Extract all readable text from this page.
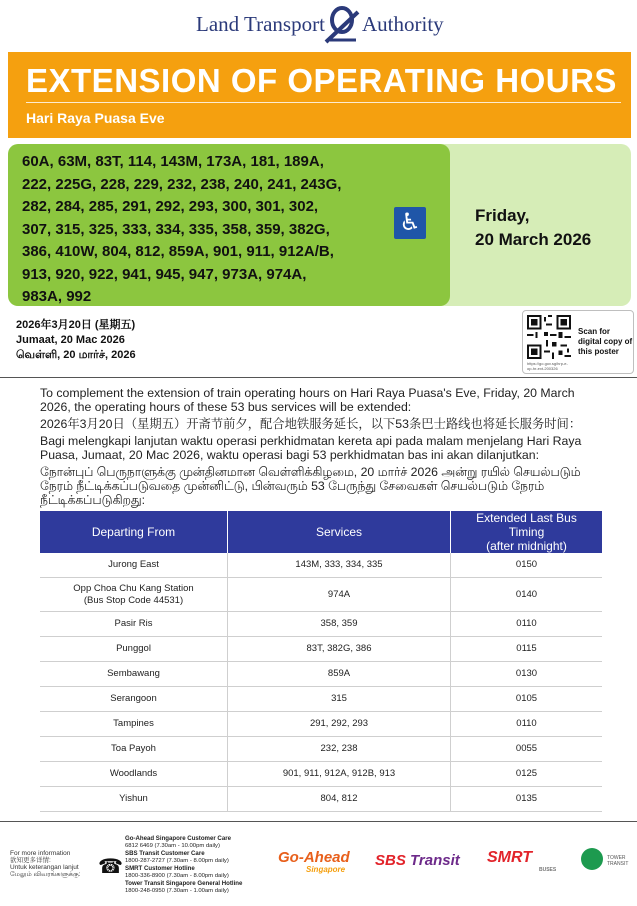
Land Transport Authority
EXTENSION OF OPERATING HOURS
Hari Raya Puasa Eve
60A, 63M, 83T, 114, 143M, 173A, 181, 189A,
222, 225G, 228, 229, 232, 238, 240, 241, 243G,
282, 284, 285, 291, 292, 293, 300, 301, 302,
307, 315, 325, 333, 334, 335, 358, 359, 382G,
386, 410W, 804, 812, 859A, 901, 911, 912A/B,
913, 920, 922, 941, 945, 947, 973A, 974A,
983A, 992
♿	Friday,
20 March 2026
2026年3月20日 (星期五)
Jumaat, 20 Mac 2026
வெள்ளி, 20 மார்ச், 2026
https://go.gov.sg/hrp-e-op-hr-ext-200326
Scan for
digital copy of
this poster

To complement the extension of train operating hours on Hari Raya Puasa's Eve, Friday, 20 March 2026, the operating hours of these 53 bus services will be extended:

2026年3月20日（星期五）开斋节前夕，配合地铁服务延长，以下53条巴士路线也将延长服务时间：

Bagi melengkapi lanjutan waktu operasi perkhidmatan kereta api pada malam menjelang Hari Raya Puasa, Jumaat, 20 Mac 2026, waktu operasi bagi 53 perkhidmatan bas ini akan dilanjutkan:

நோன்புப் பெருநாளுக்கு முன்தினமான வெள்ளிக்கிழமை, 20 மார்ச் 2026 அன்று ரயில் செயல்படும் நேரம் நீட்டிக்கப்படுவதை முன்னிட்டு, பின்வரும் 53 பேருந்து சேவைகள் செயல்படும் நேரம் நீட்டிக்கப்படுகிறது:

Departing From	Services	Extended Last Bus Timing
(after midnight)

Jurong East	143M, 333, 334, 335	0150

Opp Choa Chu Kang Station
(Bus Stop Code 44531)	974A	0140
Pasir Ris	358, 359	0110
Punggol	83T, 382G, 386	0115
Sembawang	859A	0130
Serangoon	315	0105
Tampines	291, 292, 293	0110
Toa Payoh	232, 238	0055
Woodlands	901, 911, 912A, 912B, 913	0125
Yishun	804, 812	0135
For more information
欲知更多详情:
Untuk keterangan lanjut
மேலும் விவரங்களுக்கு: ☎
Go-Ahead Singapore Customer Care
6812 6469 (7.30am - 10.00pm daily)
SBS Transit Customer Care
1800-287-2727 (7.30am - 8.00pm daily)
SMRT Customer Hotline
1800-336-8900 (7.30am - 8.00pm daily)
Tower Transit Singapore General Hotline
1800-248-0950 (7.30am - 1.00am daily)
Go-Ahead
Singapore
SBS Transit SMRT
BUSES
TOWER TRANSIT
